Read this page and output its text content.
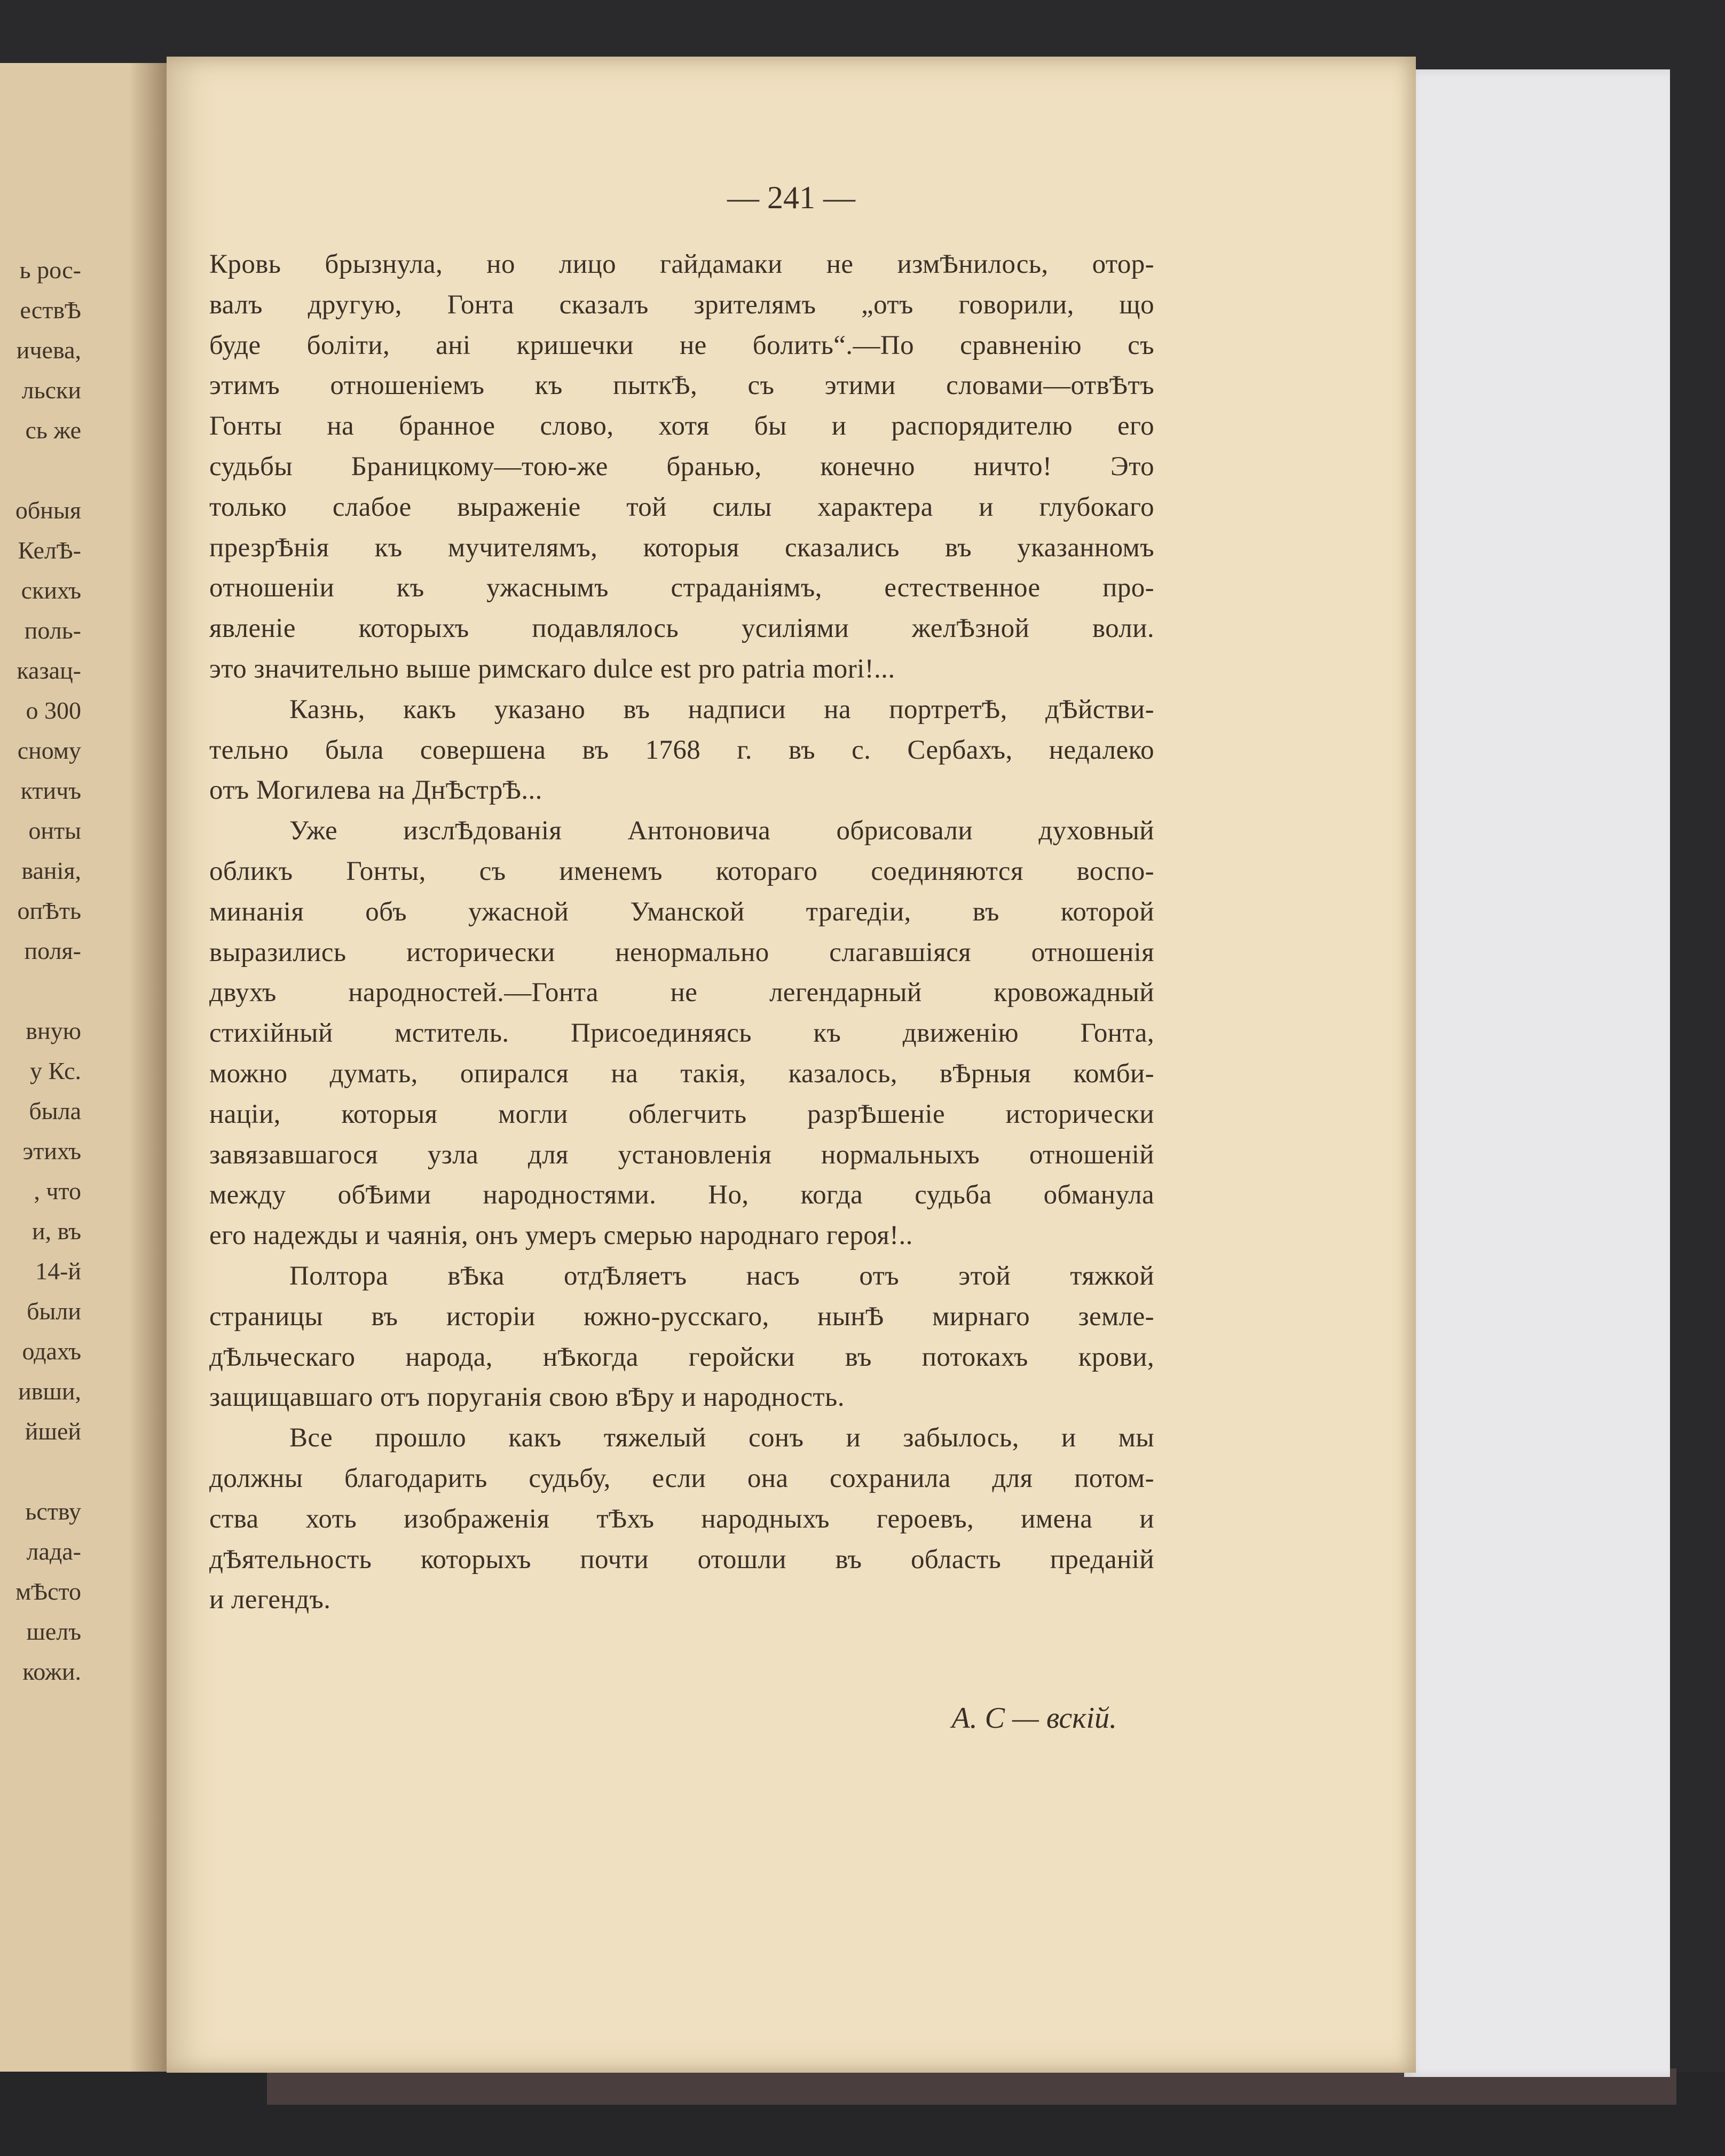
ь рос-
ествѢ
ичева,
льски
сь же
обныя
КелѢ-
скихъ
поль-
казац-
о 300
сному
ктичъ
онты
ванія,
опѢть
поля-
вную
у Кс.
была
этихъ
, что
и, въ
14-й
были
одахъ
ивши,
йшей
ьству
лада-
мѢсто
шелъ
кожи.
— 241 —
Кровь брызнула, но лицо гайдамаки не измѢнилось, отор-
валъ другую, Гонта сказалъ зрителямъ „отъ говорили, що
буде боліти, ані кришечки не болить“.—По сравненію съ
этимъ отношеніемъ къ пыткѢ, съ этими словами—отвѢтъ
Гонты на бранное слово, хотя бы и распорядителю его
судьбы Браницкому—тою-же бранью, конечно ничто! Это
только слабое выраженіе той силы характера и глубокаго
презрѢнія къ мучителямъ, которыя сказались въ указанномъ
отношеніи къ ужаснымъ страданіямъ, естественное про-
явленіе которыхъ подавлялось усиліями желѢзной воли.
это значительно выше римскаго dulce est pro patria mori!...
Казнь, какъ указано въ надписи на портретѢ, дѢйстви-
тельно была совершена въ 1768 г. въ с. Сербахъ, недалеко
отъ Могилева на ДнѢстрѢ...
Уже изслѢдованія Антоновича обрисовали духовный
обликъ Гонты, съ именемъ котораго соединяются воспо-
минанія объ ужасной Уманской трагедіи, въ которой
выразились исторически ненормально слагавшіяся отношенія
двухъ народностей.—Гонта не легендарный кровожадный
стихійный мститель. Присоединяясь къ движенію Гонта,
можно думать, опирался на такія, казалось, вѢрныя комби-
націи, которыя могли облегчить разрѢшеніе исторически
завязавшагося узла для установленія нормальныхъ отношеній
между обѢими народностями. Но, когда судьба обманула
его надежды и чаянія, онъ умеръ смерью народнаго героя!..
Полтора вѢка отдѢляетъ насъ отъ этой тяжкой
страницы въ исторіи южно-русскаго, нынѢ мирнаго земле-
дѢльческаго народа, нѢкогда геройски въ потокахъ крови,
защищавшаго отъ поруганія свою вѢру и народность.
Все прошло какъ тяжелый сонъ и забылось, и мы
должны благодарить судьбу, если она сохранила для потом-
ства хоть изображенія тѢхъ народныхъ героевъ, имена и
дѢятельность которыхъ почти отошли въ область преданій
и легендъ.
А. С — вскій.
